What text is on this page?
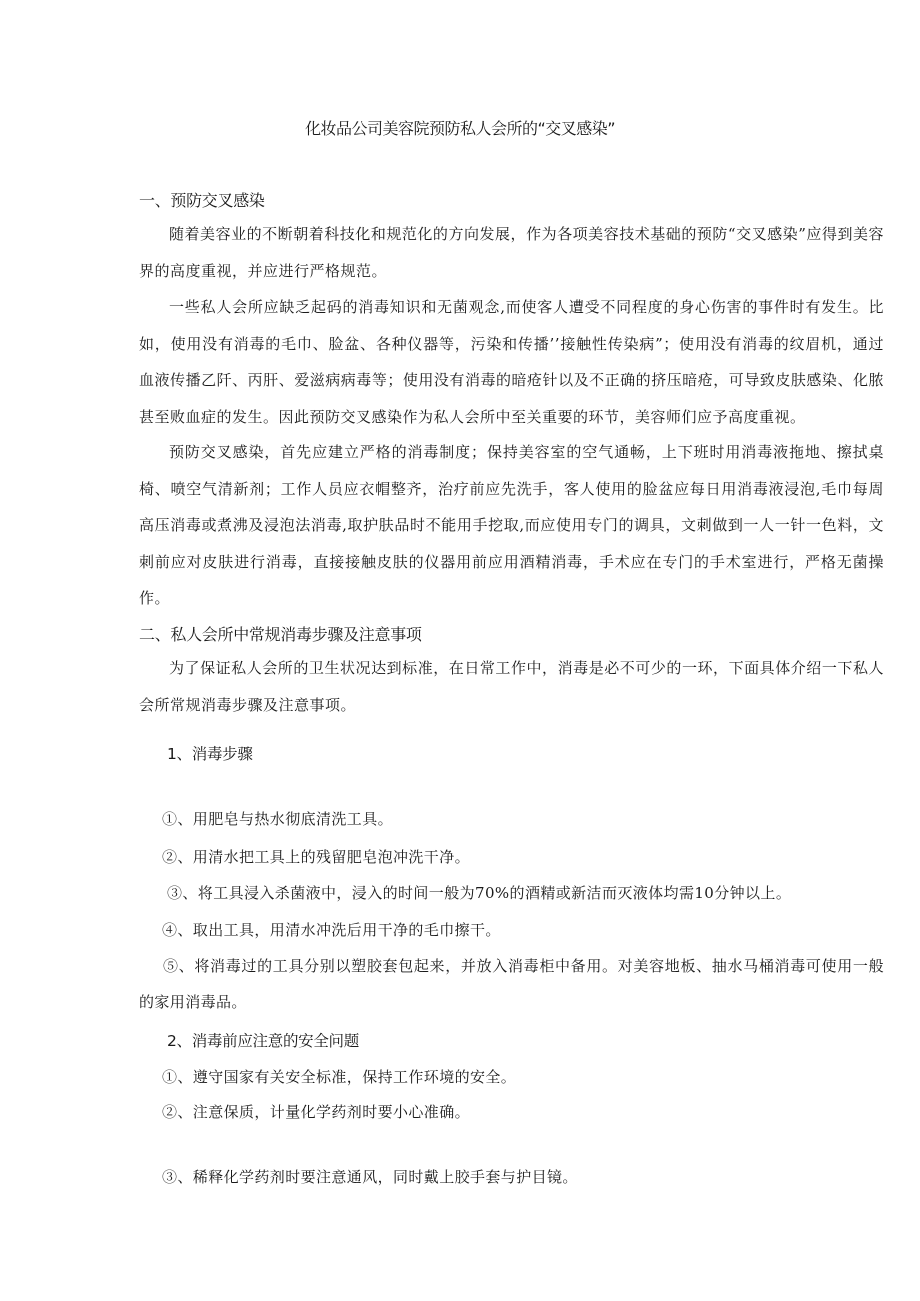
化妆品公司美容院预防私人会所的“交叉感染”
一、预防交叉感染
随着美容业的不断朝着科技化和规范化的方向发展，作为各项美容技术基础的预防“交叉感染”应得到美容界的高度重视，并应进行严格规范。
一些私人会所应缺乏起码的消毒知识和无菌观念,而使客人遭受不同程度的身心伤害的事件时有发生。比如，使用没有消毒的毛巾、脸盆、各种仪器等，污染和传播’’接触性传染病”；使用没有消毒的纹眉机，通过血液传播乙阡、丙肝、爱滋病病毒等；使用没有消毒的暗疮针以及不正确的挤压暗疮，可导致皮肤感染、化脓甚至败血症的发生。因此预防交叉感染作为私人会所中至关重要的环节，美容师们应予高度重视。
预防交叉感染，首先应建立严格的消毒制度；保持美容室的空气通畅，上下班时用消毒液拖地、擦拭桌椅、喷空气清新剂；工作人员应衣帽整齐，治疗前应先洗手，客人使用的脸盆应每日用消毒液浸泡,毛巾每周高压消毒或煮沸及浸泡法消毒,取护肤品时不能用手挖取,而应使用专门的调具，文刺做到一人一针一色料，文刺前应对皮肤进行消毒，直接接触皮肤的仪器用前应用酒精消毒，手术应在专门的手术室进行，严格无菌操作。
二、私人会所中常规消毒步骤及注意事项
为了保证私人会所的卫生状况达到标准，在日常工作中，消毒是必不可少的一环，下面具体介绍一下私人会所常规消毒步骤及注意事项。
1、消毒步骤
①、用肥皂与热水彻底清洗工具。
②、用清水把工具上的残留肥皂泡冲洗干净。
③、将工具浸入杀菌液中，浸入的时间一般为70%的酒精或新洁而灭液体均需10分钟以上。
④、取出工具，用清水冲洗后用干净的毛巾擦干。
⑤、将消毒过的工具分别以塑胶套包起来，并放入消毒柜中备用。对美容地板、抽水马桶消毒可使用一般的家用消毒品。
2、消毒前应注意的安全问题
①、遵守国家有关安全标准，保持工作环境的安全。
②、注意保质，计量化学药剂时要小心准确。
③、稀释化学药剂时要注意通风，同时戴上胶手套与护目镜。
